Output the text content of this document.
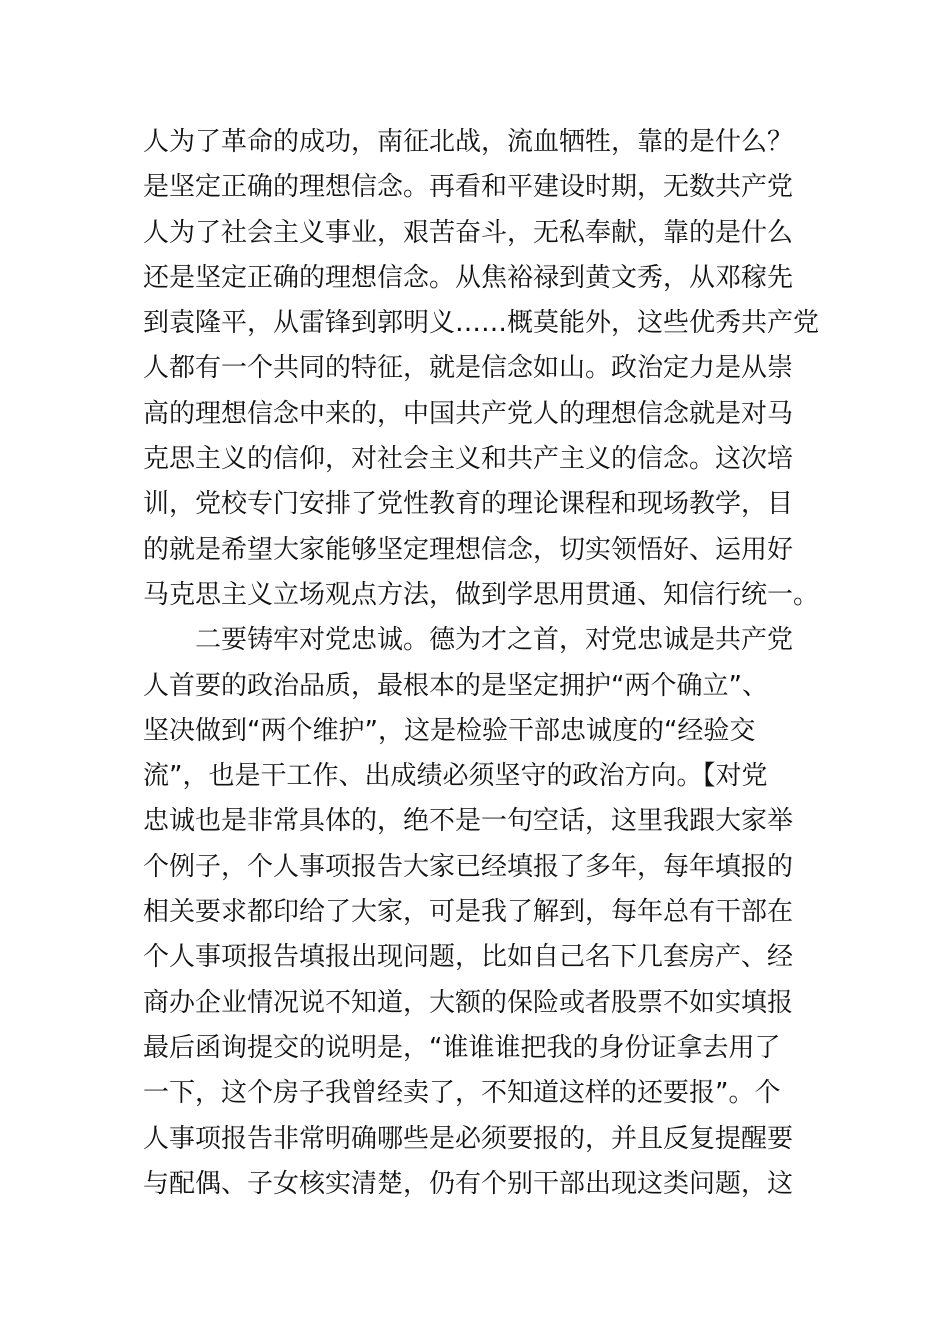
人为了革命的成功，南征北战，流血牺牲，靠的是什么？
是坚定正确的理想信念。再看和平建设时期，无数共产党
人为了社会主义事业，艰苦奋斗，无私奉献，靠的是什么
还是坚定正确的理想信念。从焦裕禄到黄文秀，从邓稼先
到袁隆平，从雷锋到郭明义……概莫能外，这些优秀共产党
人都有一个共同的特征，就是信念如山。政治定力是从崇
高的理想信念中来的，中国共产党人的理想信念就是对马
克思主义的信仰，对社会主义和共产主义的信念。这次培
训，党校专门安排了党性教育的理论课程和现场教学，目
的就是希望大家能够坚定理想信念，切实领悟好、运用好
马克思主义立场观点方法，做到学思用贯通、知信行统一。
二要铸牢对党忠诚。德为才之首，对党忠诚是共产党
人首要的政治品质，最根本的是坚定拥护“两个确立”、
坚决做到“两个维护”，这是检验干部忠诚度的“经验交
流”，也是干工作、出成绩必须坚守的政治方向。【对党
忠诚也是非常具体的，绝不是一句空话，这里我跟大家举
个例子，个人事项报告大家已经填报了多年，每年填报的
相关要求都印给了大家，可是我了解到，每年总有干部在
个人事项报告填报出现问题，比如自己名下几套房产、经
商办企业情况说不知道，大额的保险或者股票不如实填报
最后函询提交的说明是，“谁谁谁把我的身份证拿去用了
一下，这个房子我曾经卖了，不知道这样的还要报”。个
人事项报告非常明确哪些是必须要报的，并且反复提醒要
与配偶、子女核实清楚，仍有个别干部出现这类问题，这
